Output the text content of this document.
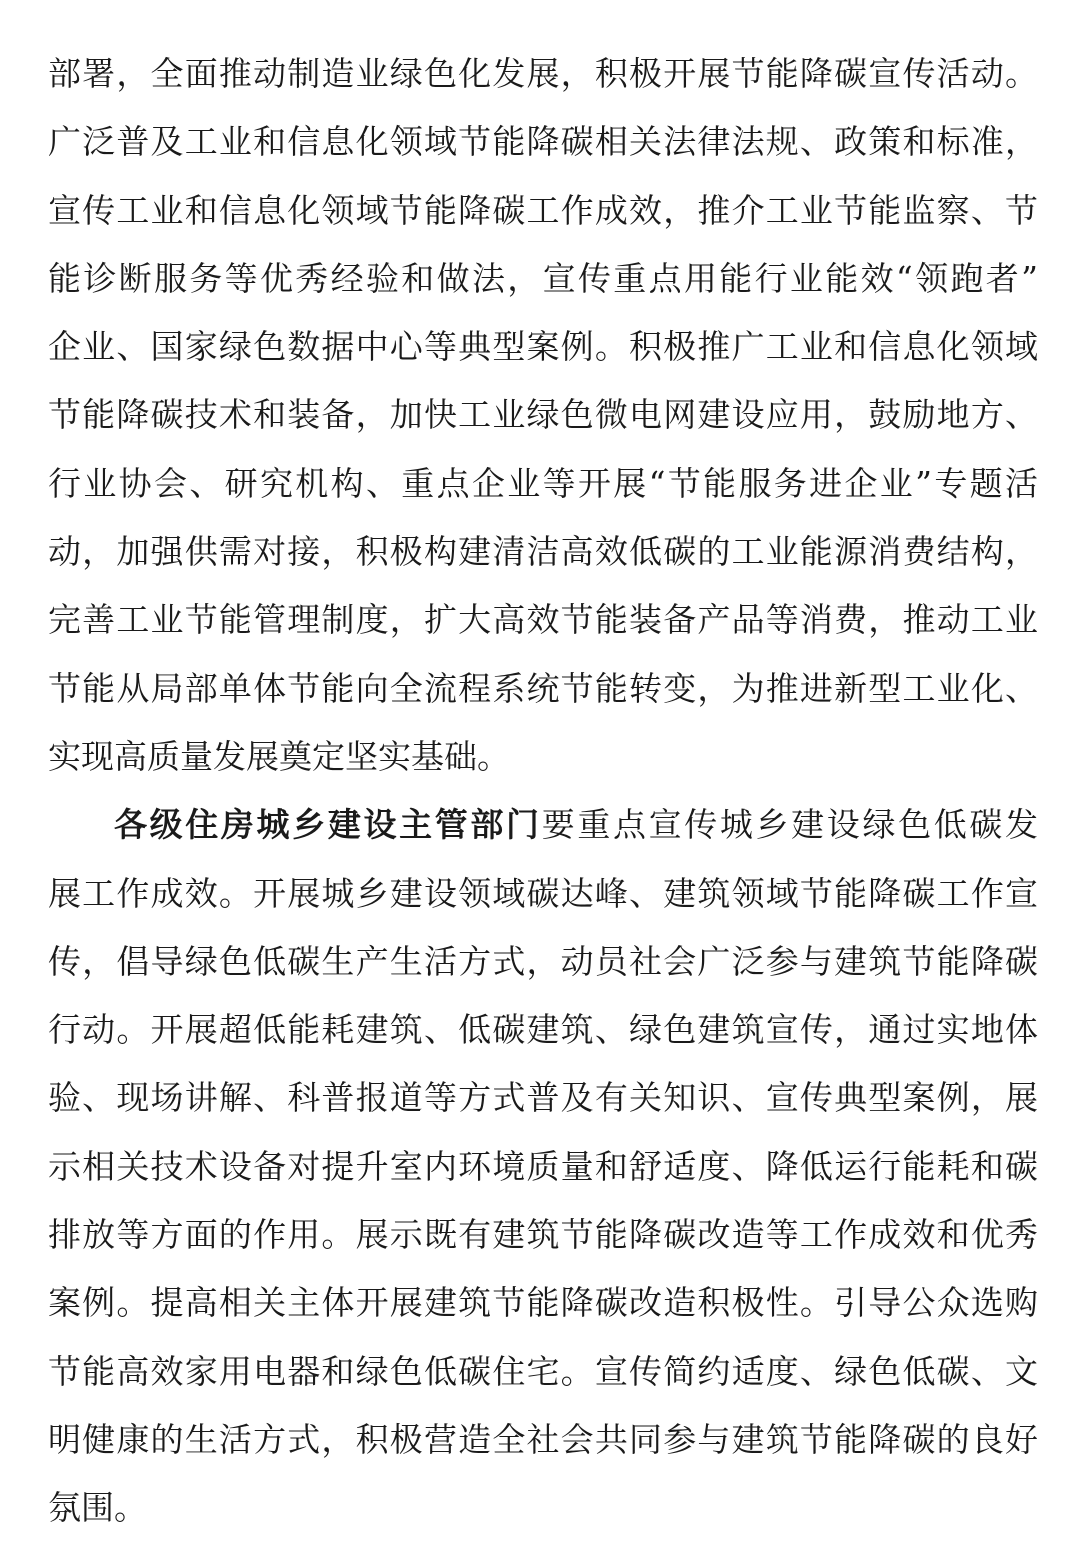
部署，全面推动制造业绿色化发展，积极开展节能降碳宣传活动。
广泛普及工业和信息化领域节能降碳相关法律法规、政策和标准，
宣传工业和信息化领域节能降碳工作成效，推介工业节能监察、节
能诊断服务等优秀经验和做法，宣传重点用能行业能效“领跑者”
企业、国家绿色数据中心等典型案例。积极推广工业和信息化领域
节能降碳技术和装备，加快工业绿色微电网建设应用，鼓励地方、
行业协会、研究机构、重点企业等开展“节能服务进企业”专题活
动，加强供需对接，积极构建清洁高效低碳的工业能源消费结构，
完善工业节能管理制度，扩大高效节能装备产品等消费，推动工业
节能从局部单体节能向全流程系统节能转变，为推进新型工业化、
实现高质量发展奠定坚实基础。
各级住房城乡建设主管部门要重点宣传城乡建设绿色低碳发
展工作成效。开展城乡建设领域碳达峰、建筑领域节能降碳工作宣
传，倡导绿色低碳生产生活方式，动员社会广泛参与建筑节能降碳
行动。开展超低能耗建筑、低碳建筑、绿色建筑宣传，通过实地体
验、现场讲解、科普报道等方式普及有关知识、宣传典型案例，展
示相关技术设备对提升室内环境质量和舒适度、降低运行能耗和碳
排放等方面的作用。展示既有建筑节能降碳改造等工作成效和优秀
案例。提高相关主体开展建筑节能降碳改造积极性。引导公众选购
节能高效家用电器和绿色低碳住宅。宣传简约适度、绿色低碳、文
明健康的生活方式，积极营造全社会共同参与建筑节能降碳的良好
氛围。
